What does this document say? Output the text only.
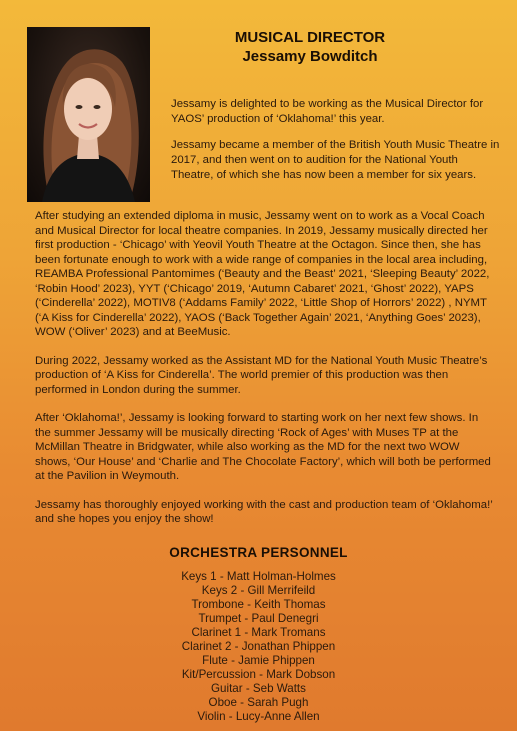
MUSICAL DIRECTOR
Jessamy Bowditch

Jessamy is delighted to be working as the Musical Director for YAOS’ production of ‘Oklahoma!’ this year.

Jessamy became a member of the British Youth Music Theatre in 2017, and then went on to audition for the National Youth Theatre, of which she has now been a member for six years.

After studying an extended diploma in music, Jessamy went on to work as a Vocal Coach and Musical Director for local theatre companies. In 2019, Jessamy musically directed her first production - ‘Chicago’ with Yeovil Youth Theatre at the Octagon. Since then, she has been fortunate enough to work with a wide range of companies in the local area including, REAMBA Professional Pantomimes (‘Beauty and the Beast’ 2021, ‘Sleeping Beauty’ 2022, ‘Robin Hood’ 2023), YYT (‘Chicago’ 2019, ‘Autumn Cabaret’ 2021, ‘Ghost’ 2022), YAPS (‘Cinderella’ 2022), MOTIV8 (‘Addams Family’ 2022, ‘Little Shop of Horrors’ 2022) , NYMT (‘A Kiss for Cinderella’ 2022), YAOS (‘Back Together Again’ 2021, ‘Anything Goes’ 2023), WOW (‘Oliver’ 2023) and at BeeMusic.

During 2022, Jessamy worked as the Assistant MD for the National Youth Music Theatre’s production of ‘A Kiss for Cinderella’. The world premier of this production was then performed in London during the summer.

After ‘Oklahoma!’, Jessamy is looking forward to starting work on her next few shows. In the summer Jessamy will be musically directing ‘Rock of Ages’ with Muses TP at the McMillan Theatre in Bridgwater, while also working as the MD for the next two WOW shows, ‘Our House’ and ‘Charlie and The Chocolate Factory’, which will both be performed at the Pavilion in Weymouth.

Jessamy has thoroughly enjoyed working with the cast and production team of ‘Oklahoma!’ and she hopes you enjoy the show!

ORCHESTRA PERSONNEL
Keys 1 - Matt Holman-Holmes
Keys 2 - Gill Merrifeild
Trombone - Keith Thomas
Trumpet - Paul Denegri
Clarinet 1 - Mark Tromans
Clarinet 2 - Jonathan Phippen
Flute - Jamie Phippen
Kit/Percussion - Mark Dobson
Guitar - Seb Watts
Oboe - Sarah Pugh
Violin - Lucy-Anne Allen
